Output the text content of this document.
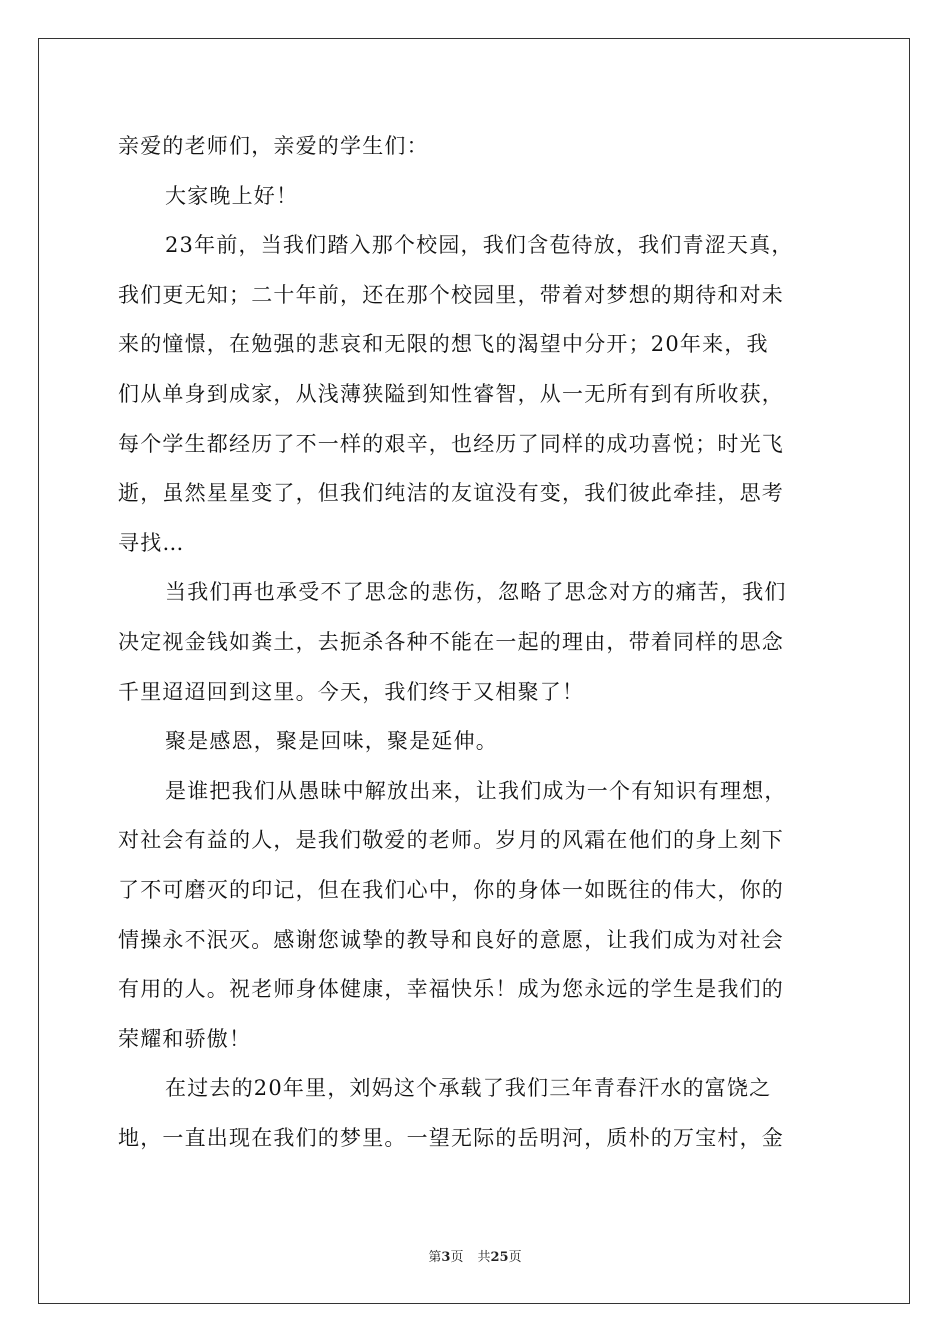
亲爱的老师们，亲爱的学生们：
大家晚上好！
23年前，当我们踏入那个校园，我们含苞待放，我们青涩天真，
我们更无知；二十年前，还在那个校园里，带着对梦想的期待和对未
来的憧憬，在勉强的悲哀和无限的想飞的渴望中分开；20年来，我
们从单身到成家，从浅薄狭隘到知性睿智，从一无所有到有所收获，
每个学生都经历了不一样的艰辛，也经历了同样的成功喜悦；时光飞
逝，虽然星星变了，但我们纯洁的友谊没有变，我们彼此牵挂，思考
寻找…
当我们再也承受不了思念的悲伤，忽略了思念对方的痛苦，我们
决定视金钱如粪土，去扼杀各种不能在一起的理由，带着同样的思念
千里迢迢回到这里。今天，我们终于又相聚了！
聚是感恩，聚是回味，聚是延伸。
是谁把我们从愚昧中解放出来，让我们成为一个有知识有理想，
对社会有益的人，是我们敬爱的老师。岁月的风霜在他们的身上刻下
了不可磨灭的印记，但在我们心中，你的身体一如既往的伟大，你的
情操永不泯灭。感谢您诚挚的教导和良好的意愿，让我们成为对社会
有用的人。祝老师身体健康，幸福快乐！成为您永远的学生是我们的
荣耀和骄傲！
在过去的20年里，刘妈这个承载了我们三年青春汗水的富饶之
地，一直出现在我们的梦里。一望无际的岳明河，质朴的万宝村，金
第3页 共25页
